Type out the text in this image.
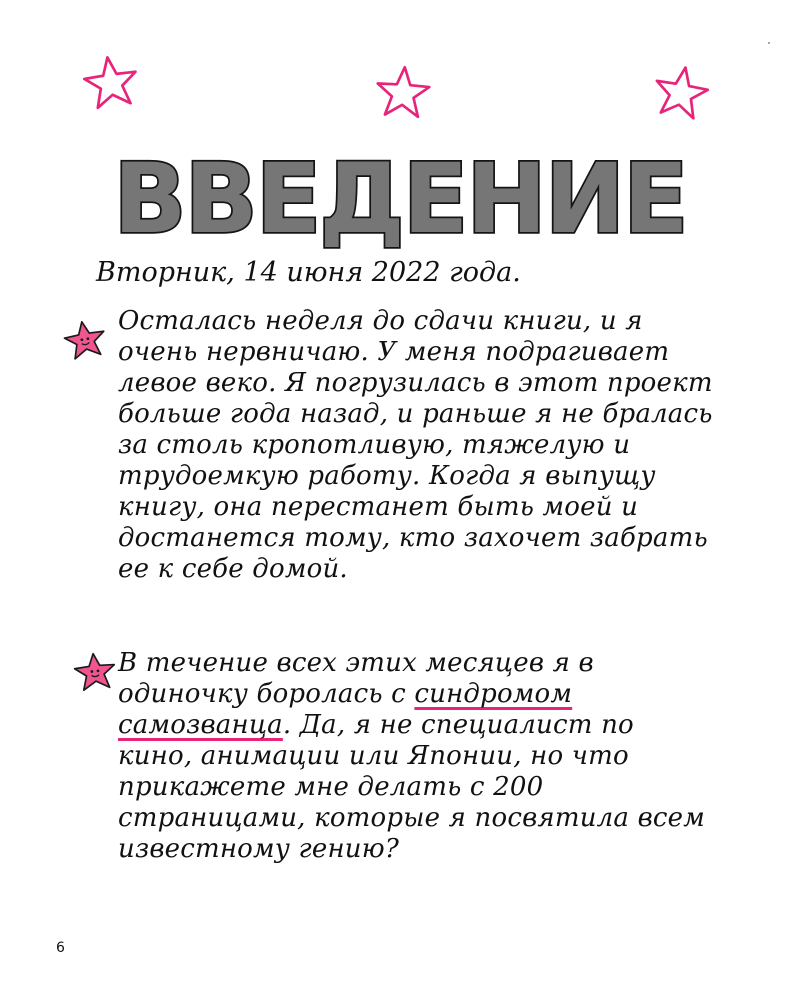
ВВЕДЕНИЕ
Вторник, 14 июня 2022 года.

Осталась неделя до сдачи книги, и я

очень нервничаю. У меня подрагивает

левое веко. Я погрузилась в этот проект

больше года назад, и раньше я не бралась

за столь кропотливую, тяжелую и

трудоемкую работу. Когда я выпущу

книгу, она перестанет быть моей и

достанется тому, кто захочет забрать

ее к себе домой.

В течение всех этих месяцев я в

одиночку боролась с синдромом

самозванца. Да, я не специалист по

кино, анимации или Японии, но что

прикажете мне делать с 200

страницами, которые я посвятила всем

известному гению?

6
